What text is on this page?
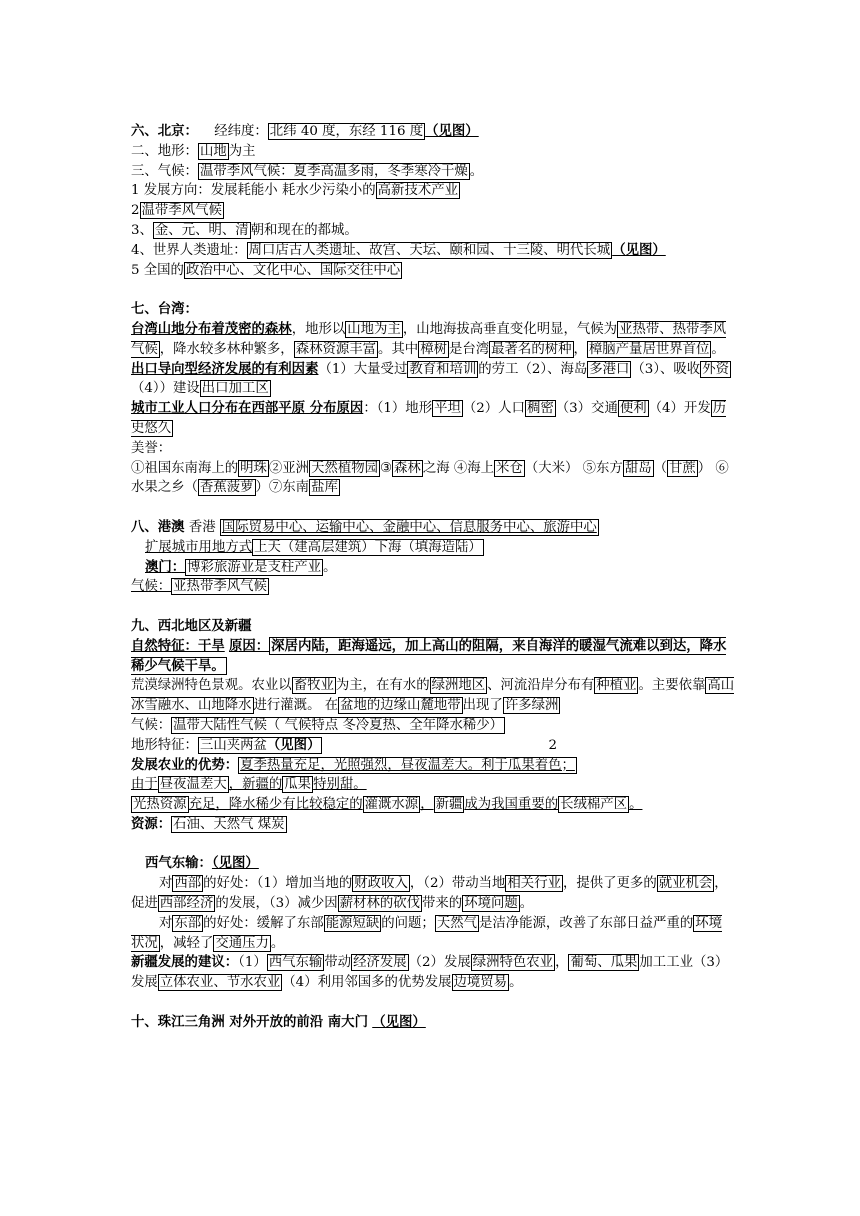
六、北京： 经纬度： 北纬 40 度，东经 116 度 （见图）

二、地形： 山地 为主

三、气候： 温带季风气候：夏季高温多雨，冬季寒冷干燥 。

1 发展方向：发展耗能小 耗水少污染小的 高新技术产业

2 温带季风气候

3、 金、元、明、清 朝和现在的都城。

4、世界人类遗址： 周口店古人类遗址、故宫、天坛、颐和园、十三陵、明代长城 （见图）

5 全国的 政治中心、文化中心、国际交往中心

七、台湾：

台湾山地分布着茂密的森林，地形以 山地为主 ，山地海拔高垂直变化明显，气候为 亚热带、热带季风气候 ，降水较多林种繁多， 森林资源丰富 。其中 樟树 是台湾 最著名的树种 ， 樟脑产量居世界首位 。

出口导向型经济发展的有利因素（1）大量受过 教育和培训 的劳工（2）、海岛 多港口 （3）、吸收 外资（4））建设 出口加工区

城市工业人口分布在西部平原 分布原因：（1）地形 平坦 （2）人口 稠密 （3）交通 便利 （4）开发 历史悠久

美誉：

①祖国东南海上的 明珠 ②亚洲 天然植物园 ③ 森林 之海 ④海上 米仓 （大米） ⑤东方 甜岛 （ 甘蔗 ） ⑥水果之乡（ 香蕉菠萝 ）⑦东南 盐库

八、港澳 香港 国际贸易中心、运输中心、金融中心、信息服务中心、旅游中心

扩展城市用地方式 上天（建高层建筑）下海（填海造陆）

澳门： 博彩旅游业是支柱产业 。

气候： 亚热带季风气候

九、西北地区及新疆

自然特征：干旱 原因： 深居内陆，距海遥远，加上高山的阻隔，来自海洋的暖湿气流难以到达，降水稀少气候干旱。

荒漠绿洲特色景观。农业以 畜牧业 为主，在有水的 绿洲地区 、河流沿岸分布有 种植业 。主要依靠 高山冰雪融水、山地降水 进行灌溉。 在 盆地的边缘山麓地带 出现了 许多绿洲

气候： 温带大陆性气候（ 气候特点 冬冷夏热、全年降水稀少）

地形特征： 三山夹两盆（见图）	2

发展农业的优势： 夏季热量充足，光照强烈，昼夜温差大。利于瓜果着色；

由于 昼夜温差大 ，新疆的 瓜果 特别甜。

光热资源 充足，降水稀少有比较稳定的 灌溉水源 ， 新疆 成为我国重要的 长绒棉产区 。

资源： 石油、天然气 煤炭

西气东输：（见图）

对 西部 的好处：（1）增加当地的 财政收入 ，（2）带动当地 相关行业 ，提供了更多的 就业机会 ，促进 西部经济 的发展，（3）减少因 薪材林的砍伐 带来的 环境问题 。

对 东部 的好处：缓解了东部 能源短缺 的问题； 天然气 是洁净能源，改善了东部日益严重的 环境状况 ，减轻了 交通压力 。

新疆发展的建议：（1） 西气东输 带动 经济发展 （2）发展 绿洲特色农业 ， 葡萄、瓜果 加工工业（3）发展 立体农业、节水农业 （4）利用邻国多的优势发展 边境贸易 。

十、珠江三角洲 对外开放的前沿 南大门 （见图）
